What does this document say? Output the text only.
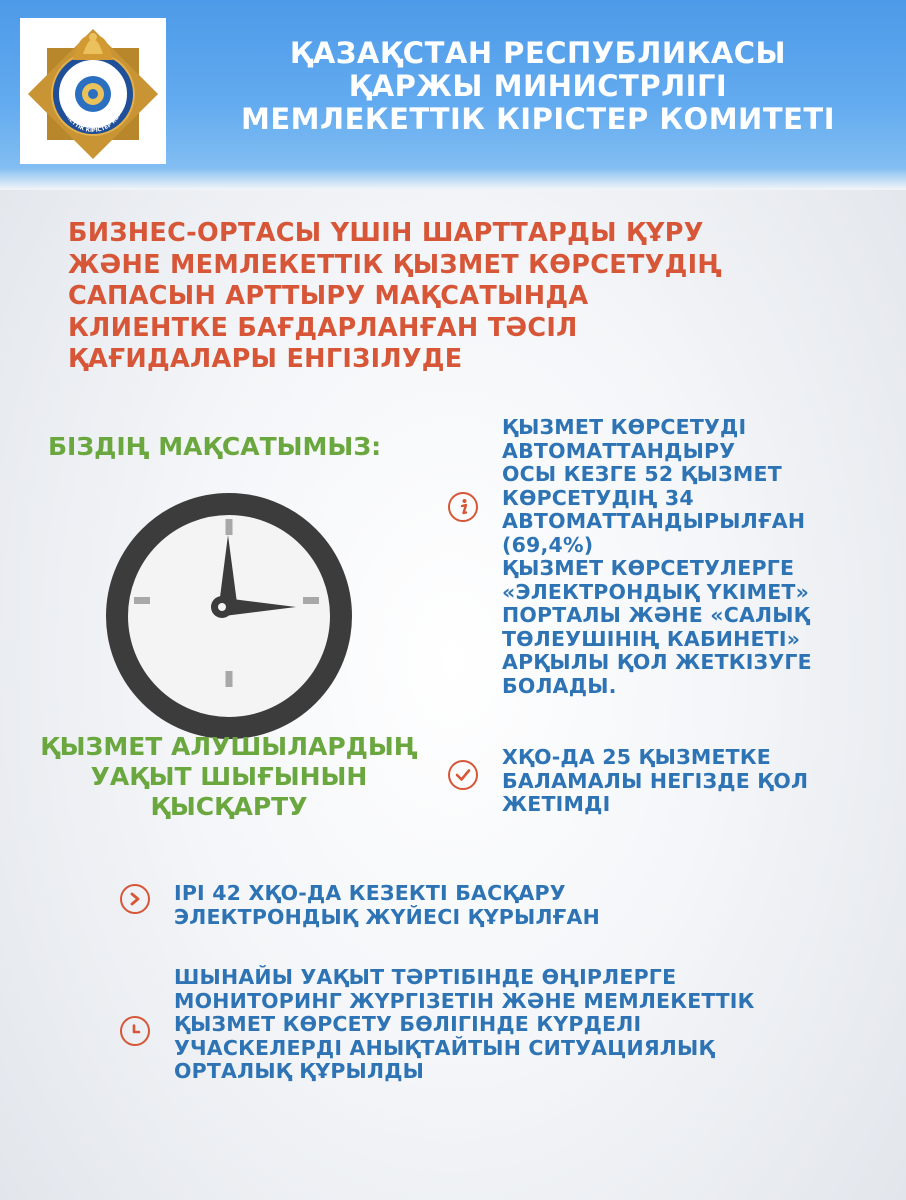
МЛЕКЕТТІК КІРІСТЕР КОМИТ
ҚАЗАҚСТАН РЕСПУБЛИКАСЫ
ҚАРЖЫ МИНИСТРЛІГІ
МЕМЛЕКЕТТІК КІРІСТЕР КОМИТЕТІ
БИЗНЕС-ОРТАСЫ ҮШІН ШАРТТАРДЫ ҚҰРУ
ЖӘНЕ МЕМЛЕКЕТТІК ҚЫЗМЕТ КӨРСЕТУДІҢ
САПАСЫН АРТТЫРУ МАҚСАТЫНДА
КЛИЕНТКЕ БАҒДАРЛАНҒАН ТӘСІЛ
ҚАҒИДАЛАРЫ ЕНГІЗІЛУДЕ
БІЗДІҢ МАҚСАТЫМЫЗ:
ҚЫЗМЕТ АЛУШЫЛАРДЫҢ
УАҚЫТ ШЫҒЫНЫН
ҚЫСҚАРТУ
ҚЫЗМЕТ КӨРСЕТУДІ
АВТОМАТТАНДЫРУ
ОСЫ КЕЗГЕ 52 ҚЫЗМЕТ
КӨРСЕТУДІҢ 34
АВТОМАТТАНДЫРЫЛҒАН
(69,4%)
ҚЫЗМЕТ КӨРСЕТУЛЕРГЕ
«ЭЛЕКТРОНДЫҚ ҮКІМЕТ»
ПОРТАЛЫ ЖӘНЕ «САЛЫҚ
ТӨЛЕУШІНІҢ КАБИНЕТІ»
АРҚЫЛЫ ҚОЛ ЖЕТКІЗУГЕ
БОЛАДЫ.
ХҚО-ДА 25 ҚЫЗМЕТКЕ
БАЛАМАЛЫ НЕГІЗДЕ ҚОЛ
ЖЕТІМДІ
ІРІ 42 ХҚО-ДА КЕЗЕКТІ БАСҚАРУ
ЭЛЕКТРОНДЫҚ ЖҮЙЕСІ ҚҰРЫЛҒАН
ШЫНАЙЫ УАҚЫТ ТӘРТІБІНДЕ ӨҢІРЛЕРГЕ
МОНИТОРИНГ ЖҮРГІЗЕТІН ЖӘНЕ МЕМЛЕКЕТТІК
ҚЫЗМЕТ КӨРСЕТУ БӨЛІГІНДЕ КҮРДЕЛІ
УЧАСКЕЛЕРДІ АНЫҚТАЙТЫН СИТУАЦИЯЛЫҚ
ОРТАЛЫҚ ҚҰРЫЛДЫ
